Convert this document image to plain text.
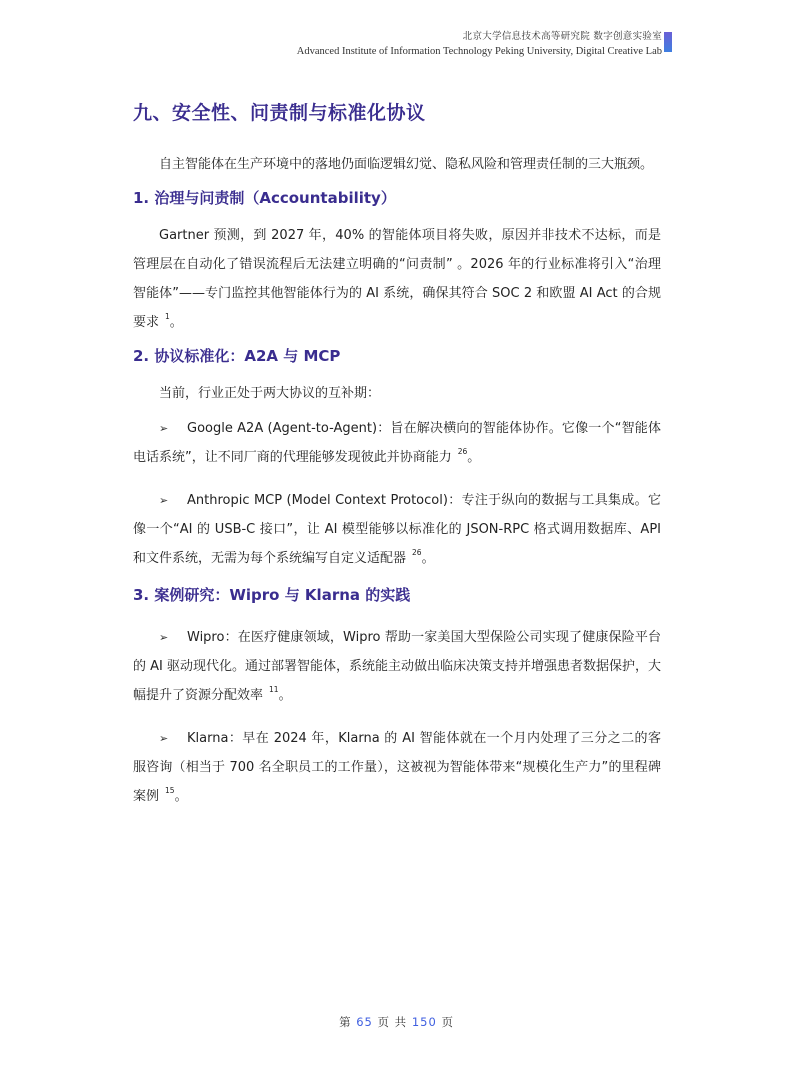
北京大学信息技术高等研究院 数字创意实验室
Advanced Institute of Information Technology Peking University, Digital Creative Lab
九、安全性、问责制与标准化协议

自主智能体在生产环境中的落地仍面临逻辑幻觉、隐私风险和管理责任制的三大瓶颈。

1. 治理与问责制（Accountability）

Gartner 预测，到 2027 年，40% 的智能体项目将失败，原因并非技术不达标，而是管理层在自动化了错误流程后无法建立明确的“问责制” 。2026 年的行业标准将引入“治理智能体”——专门监控其他智能体行为的 AI 系统，确保其符合 SOC 2 和欧盟 AI Act 的合规要求 $^1$。

2. 协议标准化：A2A 与 MCP

当前，行业正处于两大协议的互补期：

➢ Google A2A (Agent-to-Agent)：旨在解决横向的智能体协作。它像一个“智能体电话系统”，让不同厂商的代理能够发现彼此并协商能力 $^{26}$。

➢ Anthropic MCP (Model Context Protocol)：专注于纵向的数据与工具集成。它像一个“AI 的 USB-C 接口”，让 AI 模型能够以标准化的 JSON-RPC 格式调用数据库、API 和文件系统，无需为每个系统编写自定义适配器 $^{26}$。

3. 案例研究：Wipro 与 Klarna 的实践

➢ Wipro：在医疗健康领域，Wipro 帮助一家美国大型保险公司实现了健康保险平台的 AI 驱动现代化。通过部署智能体，系统能主动做出临床决策支持并增强患者数据保护，大幅提升了资源分配效率 $^{11}$。

➢ Klarna：早在 2024 年，Klarna 的 AI 智能体就在一个月内处理了三分之二的客服咨询（相当于 700 名全职员工的工作量），这被视为智能体带来“规模化生产力”的里程碑案例 $^{15}$。

第 65 页 共 150 页
